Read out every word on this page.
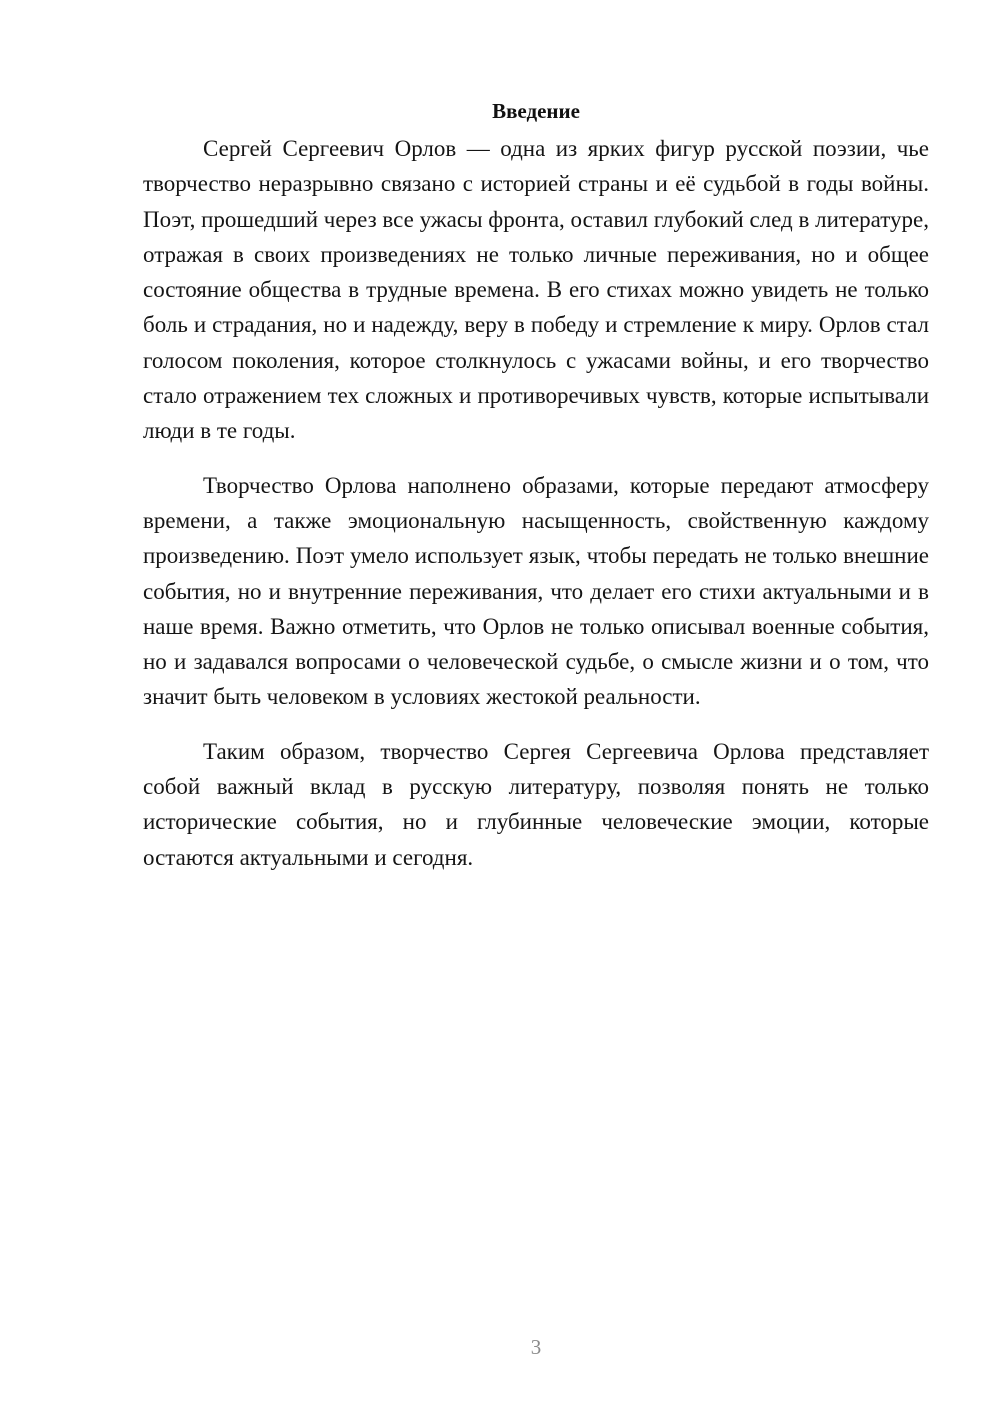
Введение

Сергей Сергеевич Орлов — одна из ярких фигур русской поэзии, чье творчество неразрывно связано с историей страны и её судьбой в годы войны. Поэт, прошедший через все ужасы фронта, оставил глубокий след в литературе, отражая в своих произведениях не только личные переживания, но и общее состояние общества в трудные времена. В его стихах можно увидеть не только боль и страдания, но и надежду, веру в победу и стремление к миру. Орлов стал голосом поколения, которое столкнулось с ужасами войны, и его творчество стало отражением тех сложных и противоречивых чувств, которые испытывали люди в те годы.

Творчество Орлова наполнено образами, которые передают атмосферу времени, а также эмоциональную насыщенность, свойственную каждому произведению. Поэт умело использует язык, чтобы передать не только внешние события, но и внутренние переживания, что делает его стихи актуальными и в наше время. Важно отметить, что Орлов не только описывал военные события, но и задавался вопросами о человеческой судьбе, о смысле жизни и о том, что значит быть человеком в условиях жестокой реальности.

Таким образом, творчество Сергея Сергеевича Орлова представляет собой важный вклад в русскую литературу, позволяя понять не только исторические события, но и глубинные человеческие эмоции, которые остаются актуальными и сегодня.

3
